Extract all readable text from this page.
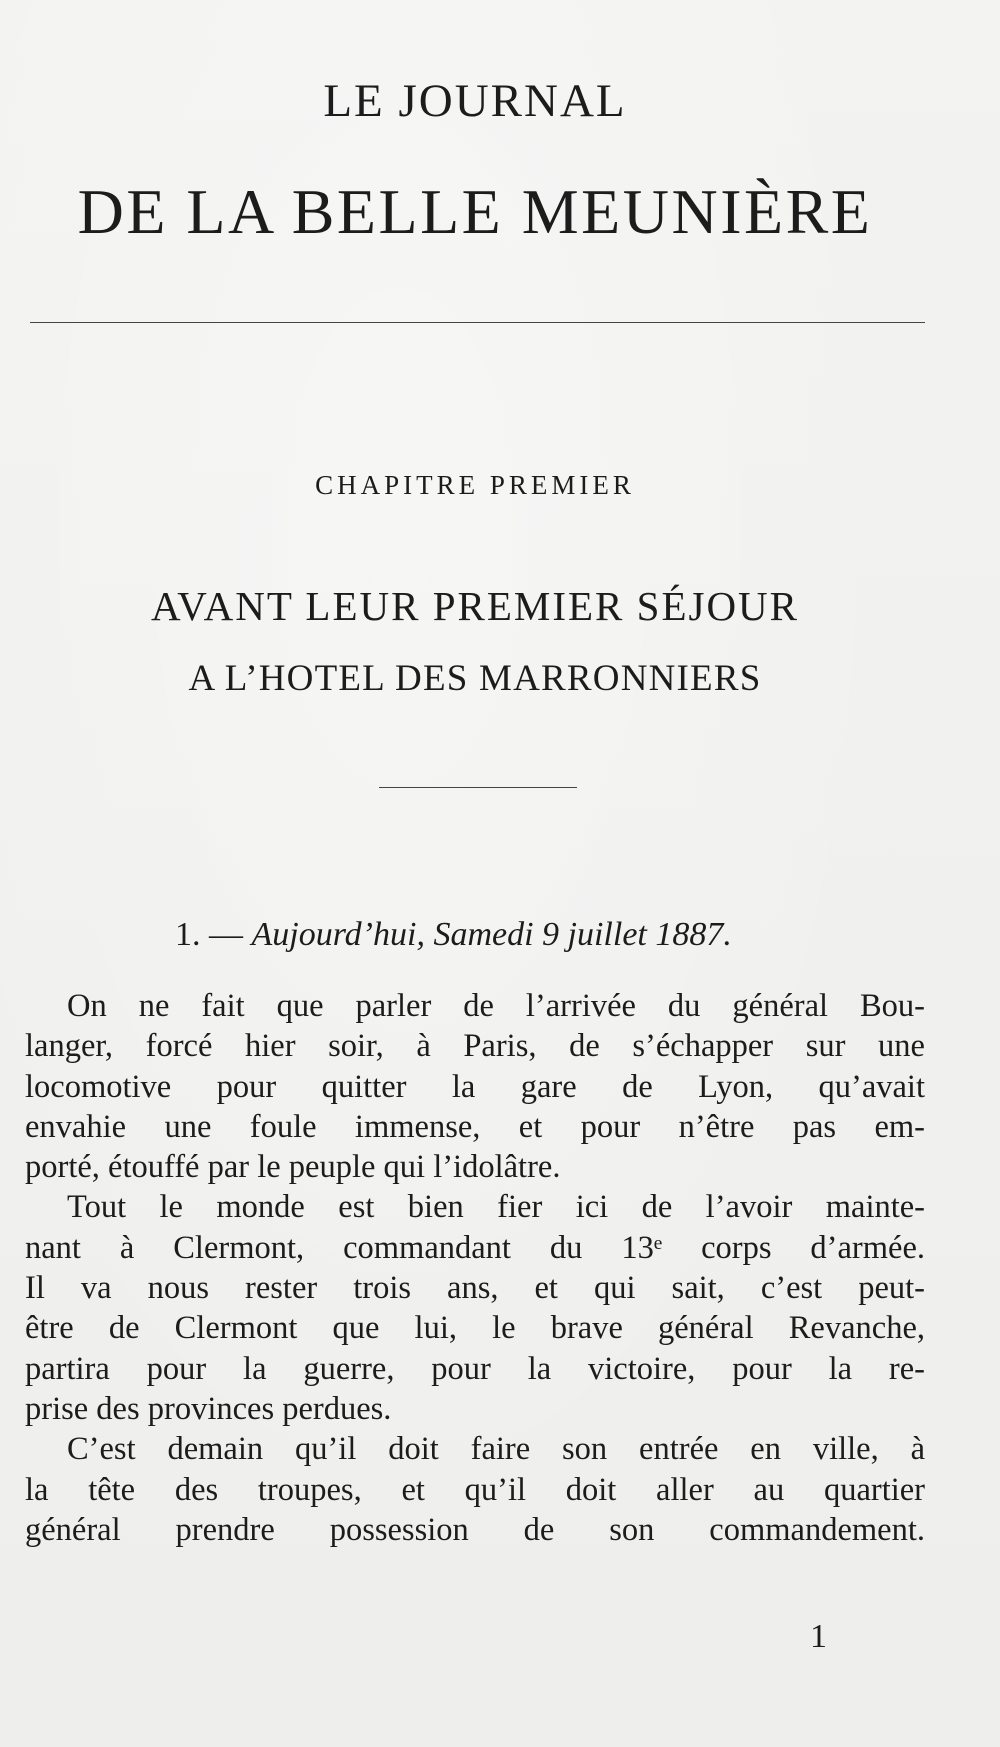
LE JOURNAL
DE LA BELLE MEUNIÈRE
CHAPITRE PREMIER
AVANT LEUR PREMIER SÉJOUR
A L’HOTEL DES MARRONNIERS
1. — Aujourd’hui, Samedi 9 juillet 1887.
On ne fait que parler de l’arrivée du général Bou-
langer, forcé hier soir, à Paris, de s’échapper sur une
locomotive pour quitter la gare de Lyon, qu’avait
envahie une foule immense, et pour n’être pas em-
porté, étouffé par le peuple qui l’idolâtre.
Tout le monde est bien fier ici de l’avoir mainte-
nant à Clermont, commandant du 13ᵉ corps d’armée.
Il va nous rester trois ans, et qui sait, c’est peut-
être de Clermont que lui, le brave général Revanche,
partira pour la guerre, pour la victoire, pour la re-
prise des provinces perdues.
C’est demain qu’il doit faire son entrée en ville, à
la tête des troupes, et qu’il doit aller au quartier
général prendre possession de son commandement.
1
